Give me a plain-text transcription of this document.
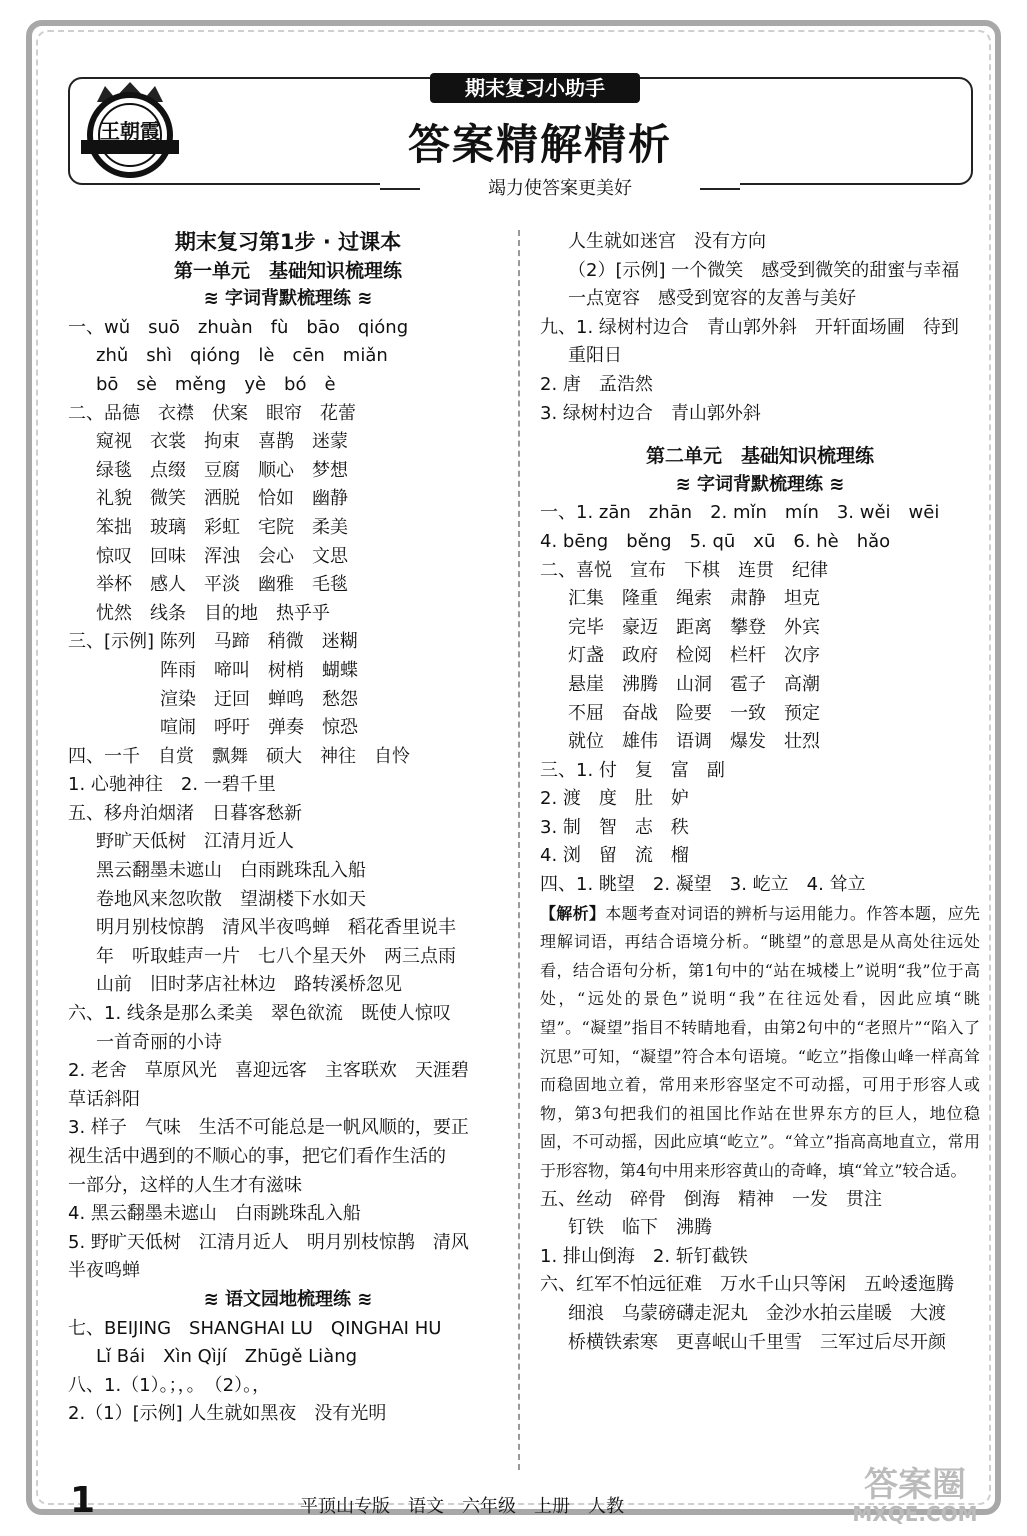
王朝霞
期末复习小助手
答案精解精析
竭力使答案更美好
期末复习第1步 · 过课本
第一单元　基础知识梳理练
≋ 字词背默梳理练 ≋
一、wǔ　suō　zhuàn　fù　bāo　qióng
zhǔ　shì　qióng　lè　cēn　miǎn
bō　sè　měng　yè　bó　è
二、品德　衣襟　伏案　眼帘　花蕾
窥视　衣裳　拘束　喜鹊　迷蒙
绿毯　点缀　豆腐　顺心　梦想
礼貌　微笑　洒脱　恰如　幽静
笨拙　玻璃　彩虹　宅院　柔美
惊叹　回味　浑浊　会心　文思
举杯　感人　平淡　幽雅　毛毯
忧然　线条　目的地　热乎乎
三、[示例] 陈列　马蹄　稍微　迷糊
阵雨　啼叫　树梢　蝴蝶
渲染　迂回　蝉鸣　愁怨
喧闹　呼吁　弹奏　惊恐
四、一千　自赏　飘舞　硕大　神往　自怜
1. 心驰神往　2. 一碧千里
五、移舟泊烟渚　日暮客愁新
野旷天低树　江清月近人
黑云翻墨未遮山　白雨跳珠乱入船
卷地风来忽吹散　望湖楼下水如天
明月别枝惊鹊　清风半夜鸣蝉　稻花香里说丰
年　听取蛙声一片　七八个星天外　两三点雨
山前　旧时茅店社林边　路转溪桥忽见
六、1. 线条是那么柔美　翠色欲流　既使人惊叹
一首奇丽的小诗
2. 老舍　草原风光　喜迎远客　主客联欢　天涯碧
草话斜阳
3. 样子　气味　生活不可能总是一帆风顺的，要正
视生活中遇到的不顺心的事，把它们看作生活的
一部分，这样的人生才有滋味
4. 黑云翻墨未遮山　白雨跳珠乱入船
5. 野旷天低树　江清月近人　明月别枝惊鹊　清风
半夜鸣蝉
≋ 语文园地梳理练 ≋
七、BEIJING　SHANGHAI LU　QINGHAI HU
Lǐ Bái　Xìn Qìjí　Zhūgě Liàng
八、1.（1）。；，。　（2）。，
2.（1）[示例] 人生就如黑夜　没有光明
人生就如迷宫　没有方向
（2）[示例] 一个微笑　感受到微笑的甜蜜与幸福
一点宽容　感受到宽容的友善与美好
九、1. 绿树村边合　青山郭外斜　开轩面场圃　待到
重阳日
2. 唐　孟浩然
3. 绿树村边合　青山郭外斜
第二单元　基础知识梳理练
≋ 字词背默梳理练 ≋
一、1. zān　zhān　2. mǐn　mín　3. wěi　wēi
4. bēng　běng　5. qū　xū　6. hè　hǎo
二、喜悦　宣布　下棋　连贯　纪律
汇集　隆重　绳索　肃静　坦克
完毕　豪迈　距离　攀登　外宾
灯盏　政府　检阅　栏杆　次序
悬崖　沸腾　山洞　雹子　高潮
不屈　奋战　险要　一致　预定
就位　雄伟　语调　爆发　壮烈
三、1. 付　复　富　副
2. 渡　度　肚　妒
3. 制　智　志　秩
4. 浏　留　流　榴
四、1. 眺望　2. 凝望　3. 屹立　4. 耸立
【解析】本题考查对词语的辨析与运用能力。作答本题，应先理解词语，再结合语境分析。“眺望”的意思是从高处往远处看，结合语句分析，第1句中的“站在城楼上”说明“我”位于高处，“远处的景色”说明“我”在往远处看，因此应填“眺望”。“凝望”指目不转睛地看，由第2句中的“老照片”“陷入了沉思”可知，“凝望”符合本句语境。“屹立”指像山峰一样高耸而稳固地立着，常用来形容坚定不可动摇，可用于形容人或物，第3句把我们的祖国比作站在世界东方的巨人，地位稳固，不可动摇，因此应填“屹立”。“耸立”指高高地直立，常用于形容物，第4句中用来形容黄山的奇峰，填“耸立”较合适。
五、丝动　碎骨　倒海　精神　一发　贯注
钉铁　临下　沸腾
1. 排山倒海　2. 斩钉截铁
六、红军不怕远征难　万水千山只等闲　五岭逶迤腾
细浪　乌蒙磅礴走泥丸　金沙水拍云崖暖　大渡
桥横铁索寒　更喜岷山千里雪　三军过后尽开颜
1	平顶山专版　语文　六年级　上册　人教
答案圈
MXQE.COM
